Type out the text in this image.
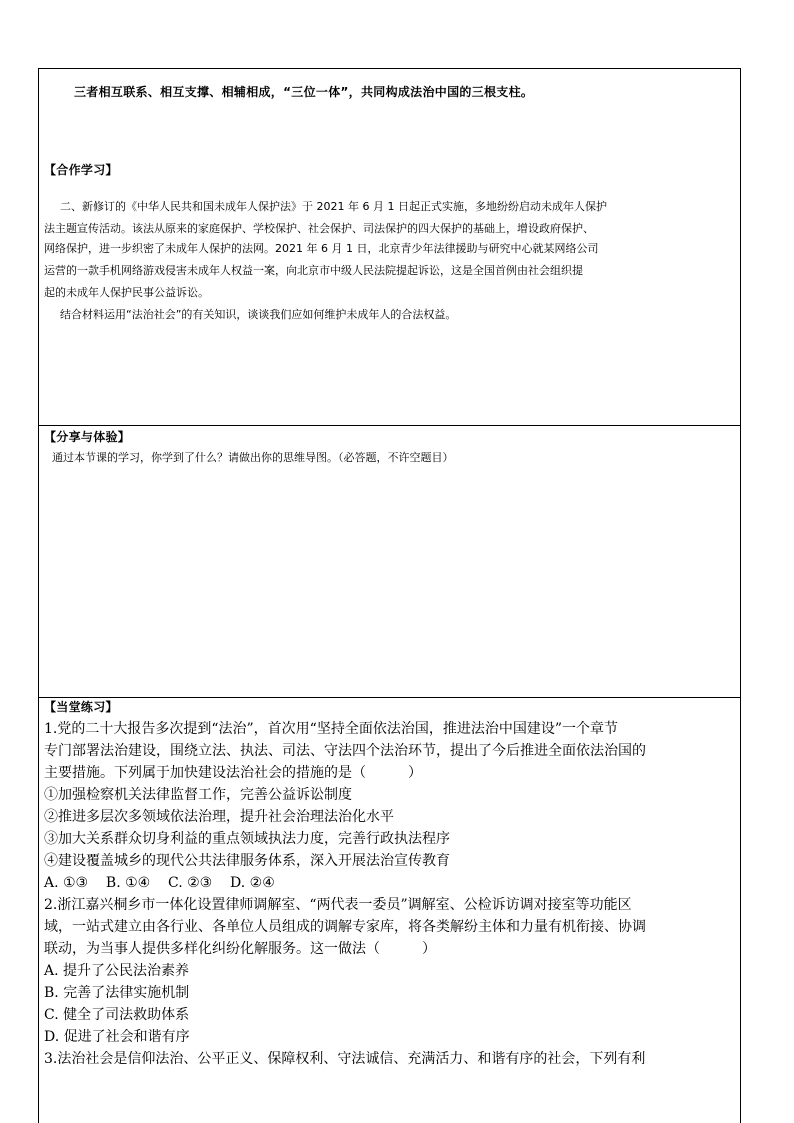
三者相互联系、相互支撑、相辅相成，“三位一体”，共同构成法治中国的三根支柱。
【合作学习】
二、新修订的《中华人民共和国未成年人保护法》于 2021 年 6 月 1 日起正式实施，多地纷纷启动未成年人保护
法主题宣传活动。该法从原来的家庭保护、学校保护、社会保护、司法保护的四大保护的基础上，增设政府保护、
网络保护，进一步织密了未成年人保护的法网。2021 年 6 月 1 日，北京青少年法律援助与研究中心就某网络公司
运营的一款手机网络游戏侵害未成年人权益一案，向北京市中级人民法院提起诉讼，这是全国首例由社会组织提
起的未成年人保护民事公益诉讼。
结合材料运用“法治社会”的有关知识，谈谈我们应如何维护未成年人的合法权益。
【分享与体验】
通过本节课的学习，你学到了什么？请做出你的思维导图。（必答题，不许空题目）
【当堂练习】
1.党的二十大报告多次提到“法治”，首次用“坚持全面依法治国，推进法治中国建设”一个章节
专门部署法治建设，围绕立法、执法、司法、守法四个法治环节，提出了今后推进全面依法治国的
主要措施。下列属于加快建设法治社会的措施的是（　　　）
①加强检察机关法律监督工作，完善公益诉讼制度
②推进多层次多领域依法治理，提升社会治理法治化水平
③加大关系群众切身利益的重点领域执法力度，完善行政执法程序
④建设覆盖城乡的现代公共法律服务体系，深入开展法治宣传教育
A. ①③    B. ①④    C. ②③    D. ②④
2.浙江嘉兴桐乡市一体化设置律师调解室、“两代表一委员”调解室、公检诉访调对接室等功能区
域，一站式建立由各行业、各单位人员组成的调解专家库，将各类解纷主体和力量有机衔接、协调
联动，为当事人提供多样化纠纷化解服务。这一做法（　　　）
A. 提升了公民法治素养
B. 完善了法律实施机制
C. 健全了司法救助体系
D. 促进了社会和谐有序
3.法治社会是信仰法治、公平正义、保障权利、守法诚信、充满活力、和谐有序的社会，下列有利
